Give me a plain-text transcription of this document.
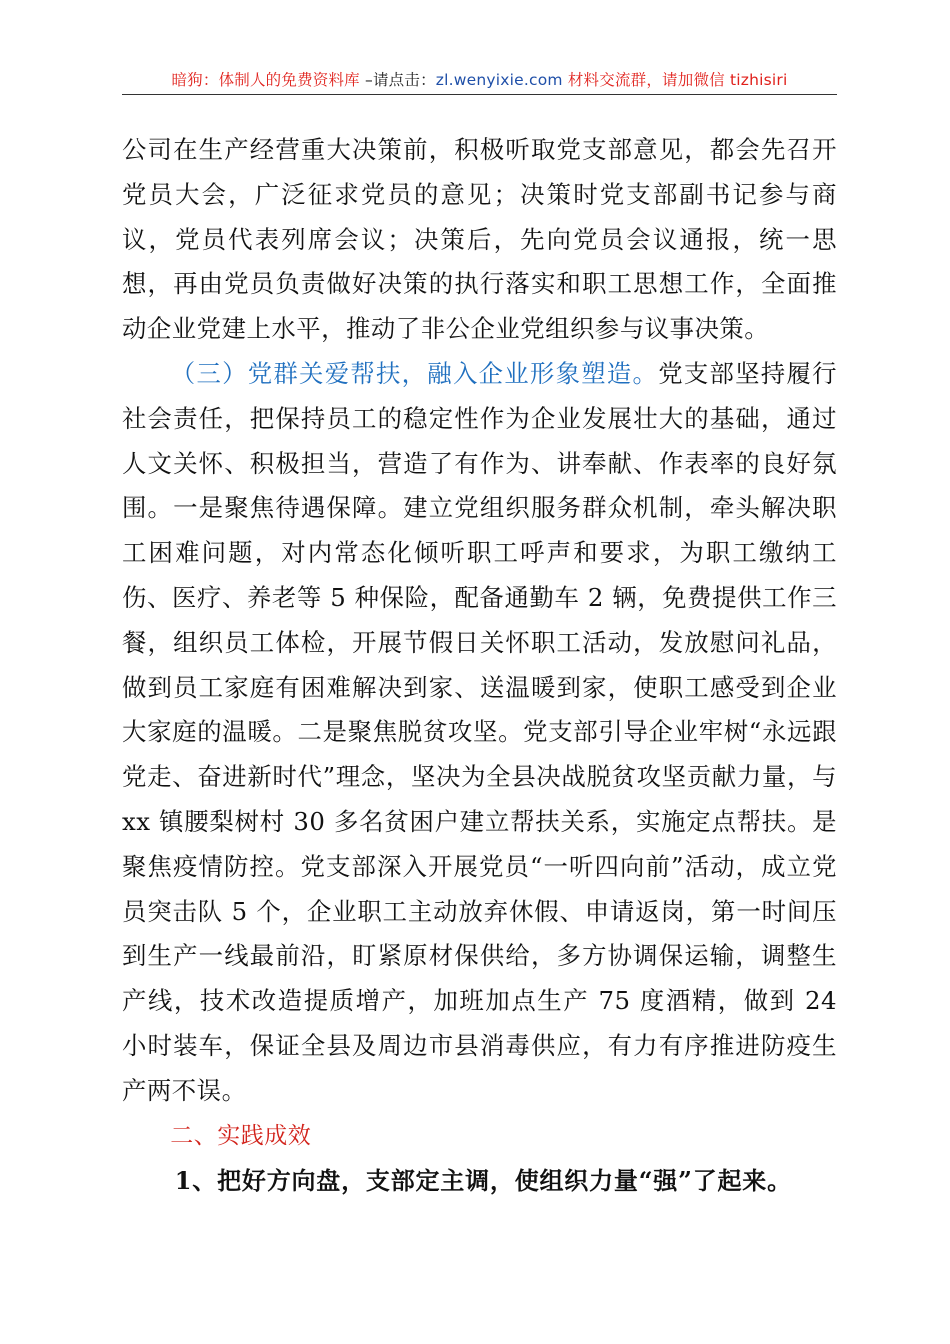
暗狗：体制人的免费资料库 –请点击：zl.wenyixie.com 材料交流群，请加微信 tizhisiri

公司在生产经营重大决策前，积极听取党支部意见，都会先召开党员大会，广泛征求党员的意见；决策时党支部副书记参与商议，党员代表列席会议；决策后，先向党员会议通报，统一思想，再由党员负责做好决策的执行落实和职工思想工作，全面推动企业党建上水平，推动了非公企业党组织参与议事决策。

（三）党群关爱帮扶，融入企业形象塑造。党支部坚持履行社会责任，把保持员工的稳定性作为企业发展壮大的基础，通过人文关怀、积极担当，营造了有作为、讲奉献、作表率的良好氛围。一是聚焦待遇保障。建立党组织服务群众机制，牵头解决职工困难问题，对内常态化倾听职工呼声和要求，为职工缴纳工伤、医疗、养老等 5 种保险，配备通勤车 2 辆，免费提供工作三餐，组织员工体检，开展节假日关怀职工活动，发放慰问礼品，做到员工家庭有困难解决到家、送温暖到家，使职工感受到企业大家庭的温暖。二是聚焦脱贫攻坚。党支部引导企业牢树“永远跟党走、奋进新时代”理念，坚决为全县决战脱贫攻坚贡献力量，与 xx 镇腰梨树村 30 多名贫困户建立帮扶关系，实施定点帮扶。是聚焦疫情防控。党支部深入开展党员“一听四向前”活动，成立党员突击队 5 个，企业职工主动放弃休假、申请返岗，第一时间压到生产一线最前沿，盯紧原材保供给，多方协调保运输，调整生产线，技术改造提质增产，加班加点生产 75 度酒精，做到 24 小时装车，保证全县及周边市县消毒供应，有力有序推进防疫生产两不误。

二、实践成效

1、把好方向盘，支部定主调，使组织力量“强”了起来。
